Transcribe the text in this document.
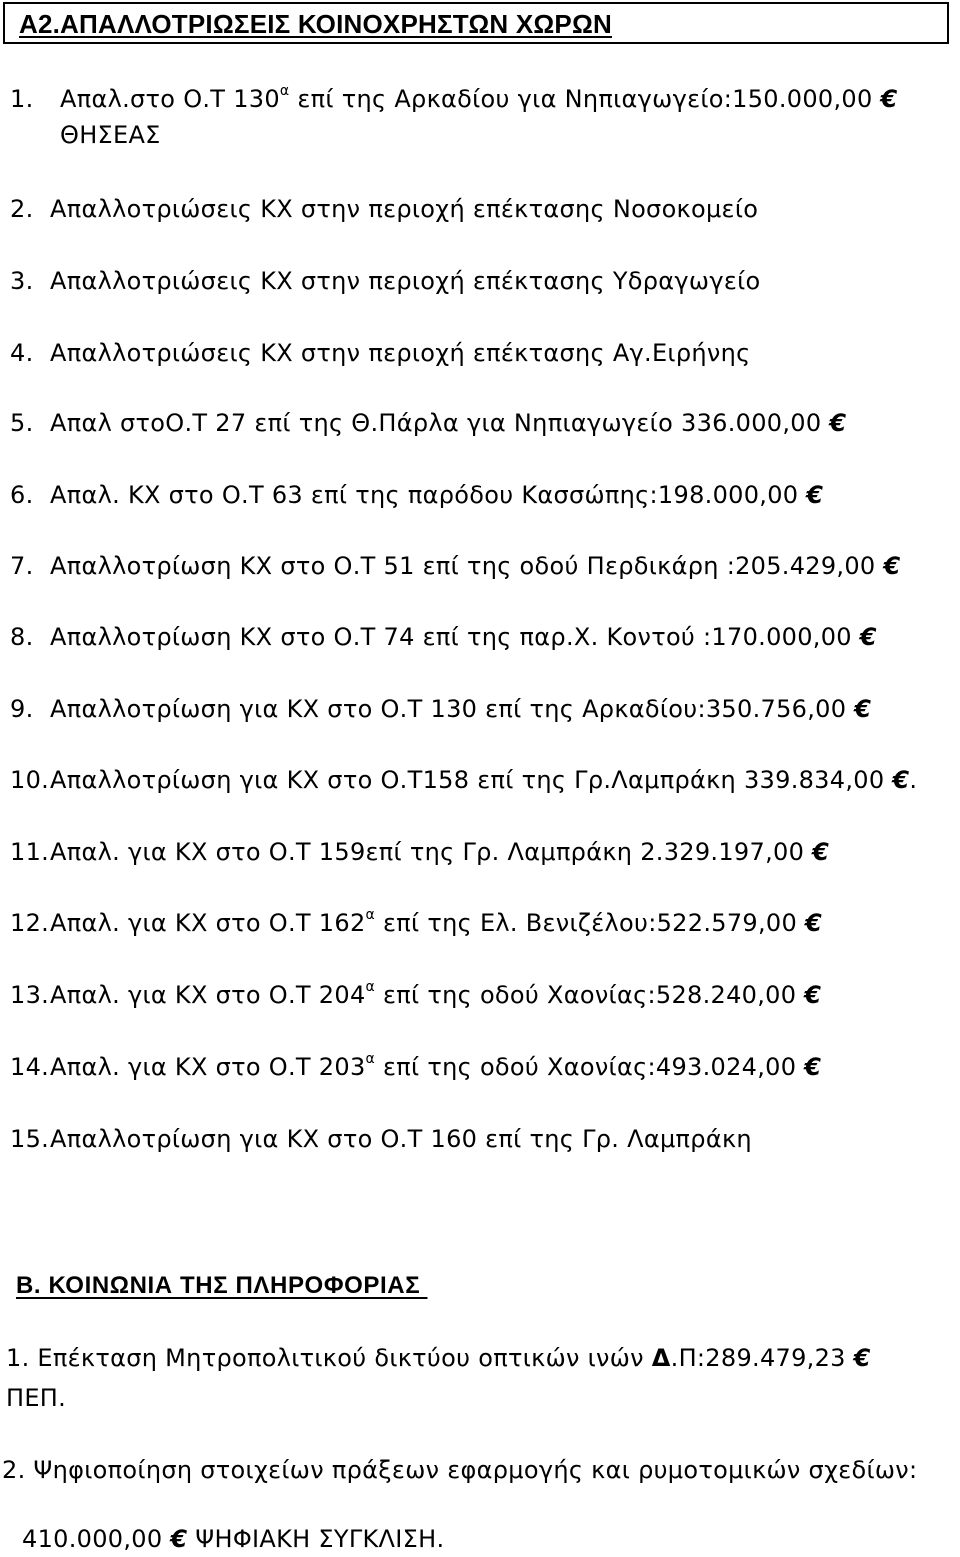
Α2.ΑΠΑΛΛΟΤΡΙΩΣΕΙΣ ΚΟΙΝΟΧΡΗΣΤΩΝ ΧΩΡΩΝ
1. Απαλ.στο Ο.Τ $130^\alpha$ επί της Αρκαδίου για Νηπιαγωγείο:150.000,00 €
ΘΗΣΕΑΣ
2. Απαλλοτριώσεις ΚΧ στην περιοχή επέκτασης Νοσοκομείο
3. Απαλλοτριώσεις ΚΧ στην περιοχή επέκτασης Υδραγωγείο
4. Απαλλοτριώσεις ΚΧ στην περιοχή επέκτασης Αγ.Ειρήνης
5. Απαλ στοΟ.Τ 27 επί της Θ.Πάρλα για Νηπιαγωγείο 336.000,00 €
6. Απαλ. ΚΧ στο Ο.Τ 63 επί της παρόδου Κασσώπης:198.000,00 €
7. Απαλλοτρίωση ΚΧ στο Ο.Τ 51 επί της οδού Περδικάρη :205.429,00 €
8. Απαλλοτρίωση ΚΧ στο Ο.Τ 74 επί της παρ.Χ. Κοντού :170.000,00 €
9. Απαλλοτρίωση για ΚΧ στο Ο.Τ 130 επί της Αρκαδίου:350.756,00 €
10.Απαλλοτρίωση για ΚΧ στο Ο.Τ158 επί της Γρ.Λαμπράκη 339.834,00 €.
11.Απαλ. για ΚΧ στο Ο.Τ 159επί της Γρ. Λαμπράκη 2.329.197,00 €
12.Απαλ. για ΚΧ στο Ο.Τ $162^\alpha$ επί της Ελ. Βενιζέλου:522.579,00 €
13.Απαλ. για ΚΧ στο Ο.Τ $204^\alpha$ επί της οδού Χαονίας:528.240,00 €
14.Απαλ. για ΚΧ στο Ο.Τ $203^\alpha$ επί της οδού Χαονίας:493.024,00 €
15.Απαλλοτρίωση για ΚΧ στο Ο.Τ 160 επί της Γρ. Λαμπράκη
Β. ΚΟΙΝΩΝΙΑ ΤΗΣ ΠΛΗΡΟΦΟΡΙΑΣ
1. Επέκταση Μητροπολιτικού δικτύου οπτικών ινών Δ.Π:289.479,23 €
ΠΕΠ.
2. Ψηφιοποίηση στοιχείων πράξεων εφαρμογής και ρυμοτομικών σχεδίων:
410.000,00 € ΨΗΦΙΑΚΗ ΣΥΓΚΛΙΣΗ.
